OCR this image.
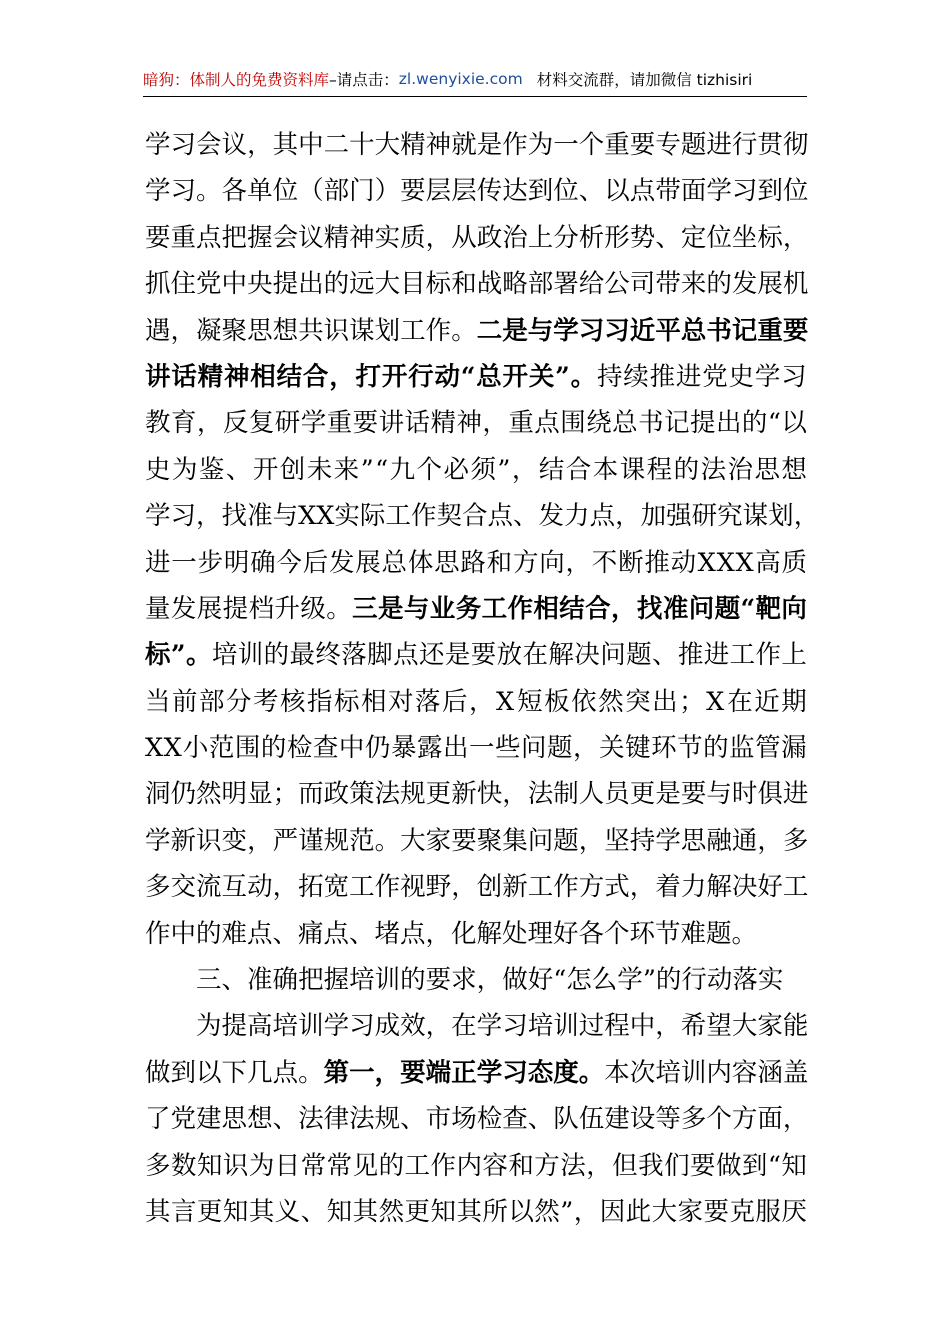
暗狗：体制人的免费资料库 –请点击： zl.wenyixie.com 材料交流群，请加微信 tizhisiri
学 习 会 议 ， 其 中 二 十 大 精 神 就 是 作 为 一 个 重 要 专 题 进 行 贯 彻
学 习 。 各 单 位 （ 部 门 ） 要 层 层 传 达 到 位 、 以 点 带 面 学 习 到 位
要 重 点 把 握 会 议 精 神 实 质 ， 从 政 治 上 分 析 形 势 、 定 位 坐 标 ，
抓 住 党 中 央 提 出 的 远 大 目 标 和 战 略 部 署 给 公 司 带 来 的 发 展 机
遇 ， 凝 聚 思 想 共 识 谋 划 工 作 。 二 是 与 学 习 习 近 平 总 书 记 重 要
讲 话 精 神 相 结 合 ， 打 开 行 动 “ 总 开 关 ” 。 持 续 推 进 党 史 学 习
教 育 ， 反 复 研 学 重 要 讲 话 精 神 ， 重 点 围 绕 总 书 记 提 出 的 “ 以
史 为 鉴 、 开 创 未 来 ” “ 九 个 必 须 ” ， 结 合 本 课 程 的 法 治 思 想
学 习 ， 找 准 与 X X 实 际 工 作 契 合 点 、 发 力 点 ， 加 强 研 究 谋 划 ，
进 一 步 明 确 今 后 发 展 总 体 思 路 和 方 向 ， 不 断 推 动 X X X 高 质
量 发 展 提 档 升 级 。 三 是 与 业 务 工 作 相 结 合 ， 找 准 问 题 “ 靶 向
标 ” 。 培 训 的 最 终 落 脚 点 还 是 要 放 在 解 决 问 题 、 推 进 工 作 上
当 前 部 分 考 核 指 标 相 对 落 后 ， X 短 板 依 然 突 出 ； X 在 近 期
X X 小 范 围 的 检 查 中 仍 暴 露 出 一 些 问 题 ， 关 键 环 节 的 监 管 漏
洞 仍 然 明 显 ； 而 政 策 法 规 更 新 快 ， 法 制 人 员 更 是 要 与 时 俱 进
学 新 识 变 ， 严 谨 规 范 。 大 家 要 聚 集 问 题 ， 坚 持 学 思 融 通 ， 多
多 交 流 互 动 ， 拓 宽 工 作 视 野 ， 创 新 工 作 方 式 ， 着 力 解 决 好 工
作中的难点、痛点、堵点，化解处理好各个环节难题。
三 、 准 确 把 握 培 训 的 要 求 ， 做 好 “ 怎 么 学 ” 的 行 动 落 实
为 提 高 培 训 学 习 成 效 ， 在 学 习 培 训 过 程 中 ， 希 望 大 家 能
做 到 以 下 几 点 。 第 一 ， 要 端 正 学 习 态 度 。 本 次 培 训 内 容 涵 盖
了 党 建 思 想 、 法 律 法 规 、 市 场 检 查 、 队 伍 建 设 等 多 个 方 面 ，
多 数 知 识 为 日 常 常 见 的 工 作 内 容 和 方 法 ， 但 我 们 要 做 到 “ 知
其 言 更 知 其 义 、 知 其 然 更 知 其 所 以 然 ” ， 因 此 大 家 要 克 服 厌
